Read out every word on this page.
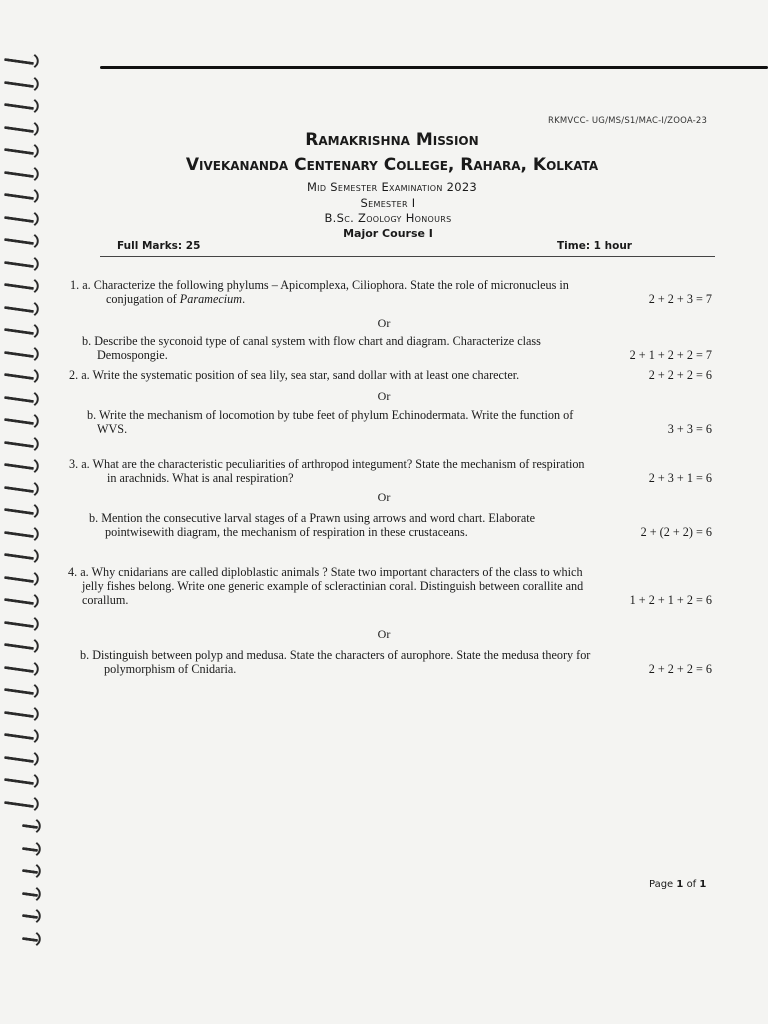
RKMVCC- UG/MS/S1/MAC-I/ZOOA-23
Ramakrishna Mission
Vivekananda Centenary College, Rahara, Kolkata
Mid Semester Examination 2023
Semester I
B.Sc. Zoology Honours
Major Course I
Full Marks: 25	Time: 1 hour
1. a. Characterize the following phylums – Apicomplexa, Ciliophora. State the role of micronucleus in
conjugation of Paramecium.	2 + 2 + 3 = 7
Or
b. Describe the syconoid type of canal system with flow chart and diagram. Characterize class
Demospongie.	2 + 1 + 2 + 2 = 7
2. a. Write the systematic position of sea lily, sea star, sand dollar with at least one charecter.	2 + 2 + 2 = 6
Or
b. Write the mechanism of locomotion by tube feet of phylum Echinodermata. Write the function of
WVS.	3 + 3 = 6
3. a. What are the characteristic peculiarities of arthropod integument? State the mechanism of respiration
in arachnids. What is anal respiration?	2 + 3 + 1 = 6
Or
b. Mention the consecutive larval stages of a Prawn using arrows and word chart. Elaborate
pointwisewith diagram, the mechanism of respiration in these crustaceans.	2 + (2 + 2) = 6
4. a. Why cnidarians are called diploblastic animals ? State two important characters of the class to which
jelly fishes belong. Write one generic example of scleractinian coral. Distinguish between corallite and
corallum.	1 + 2 + 1 + 2 = 6
Or
b. Distinguish between polyp and medusa. State the characters of aurophore. State the medusa theory for
polymorphism of Cnidaria.	2 + 2 + 2 = 6
Page 1 of 1
